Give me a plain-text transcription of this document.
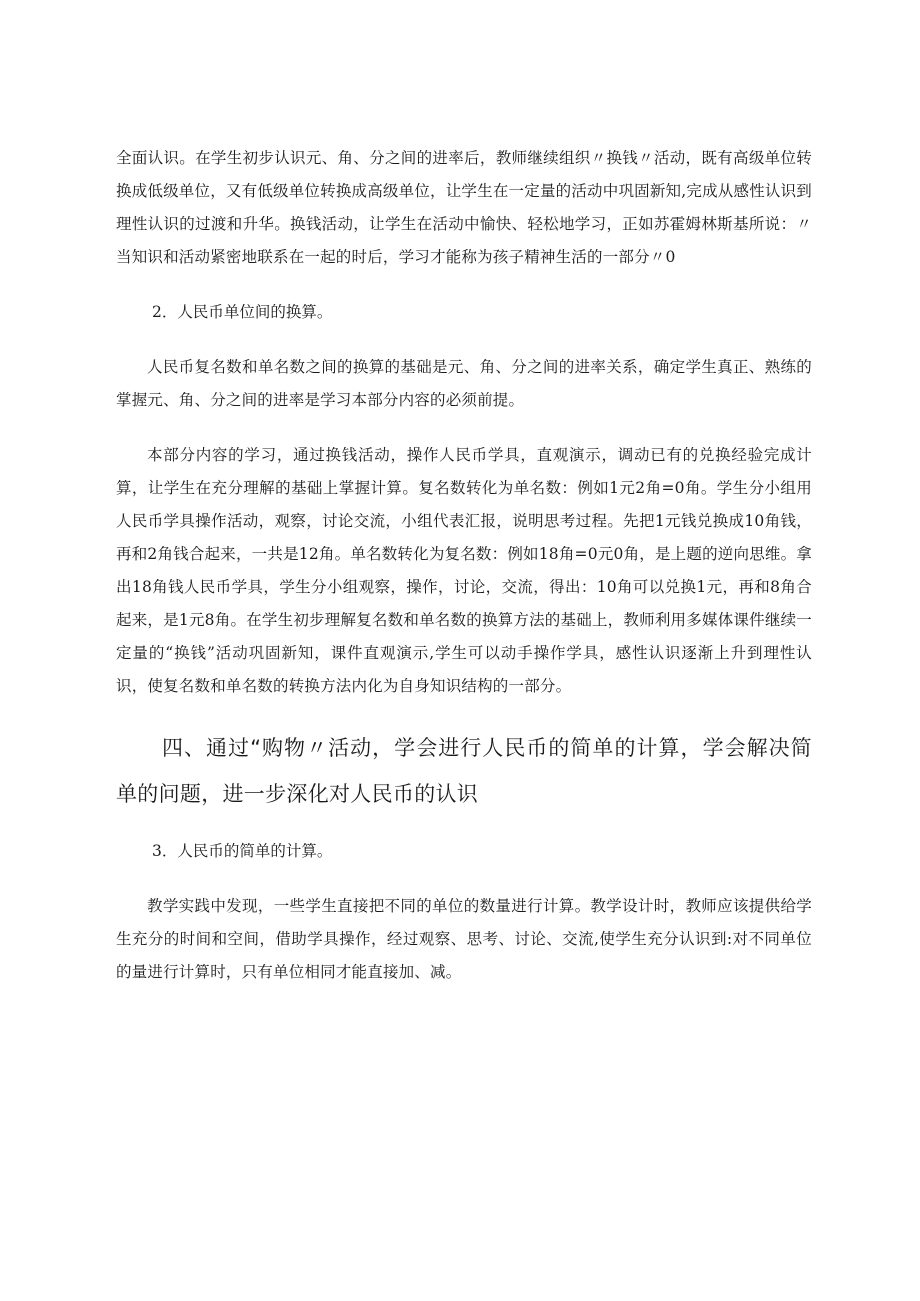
全面认识。在学生初步认识元、角、分之间的进率后，教师继续组织〃换钱〃活动，既有高级单位转换成低级单位，又有低级单位转换成高级单位，让学生在一定量的活动中巩固新知,完成从感性认识到理性认识的过渡和升华。换钱活动，让学生在活动中愉快、轻松地学习，正如苏霍姆林斯基所说：〃当知识和活动紧密地联系在一起的时后，学习才能称为孩子精神生活的一部分〃0

2．人民币单位间的换算。

人民币复名数和单名数之间的换算的基础是元、角、分之间的进率关系，确定学生真正、熟练的掌握元、角、分之间的进率是学习本部分内容的必须前提。

本部分内容的学习，通过换钱活动，操作人民币学具，直观演示，调动已有的兑换经验完成计算，让学生在充分理解的基础上掌握计算。复名数转化为单名数：例如1元2角=0角。学生分小组用人民币学具操作活动，观察，讨论交流，小组代表汇报，说明思考过程。先把1元钱兑换成10角钱，再和2角钱合起来，一共是12角。单名数转化为复名数：例如18角=0元0角，是上题的逆向思维。拿出18角钱人民币学具，学生分小组观察，操作，讨论，交流，得出：10角可以兑换1元，再和8角合起来，是1元8角。在学生初步理解复名数和单名数的换算方法的基础上，教师利用多媒体课件继续一定量的“换钱”活动巩固新知，课件直观演示,学生可以动手操作学具，感性认识逐渐上升到理性认识，使复名数和单名数的转换方法内化为自身知识结构的一部分。

四、通过“购物〃活动，学会进行人民币的简单的计算，学会解决简单的问题，进一步深化对人民币的认识

3．人民币的简单的计算。

教学实践中发现，一些学生直接把不同的单位的数量进行计算。教学设计时，教师应该提供给学生充分的时间和空间，借助学具操作，经过观察、思考、讨论、交流,使学生充分认识到:对不同单位的量进行计算时，只有单位相同才能直接加、减。
